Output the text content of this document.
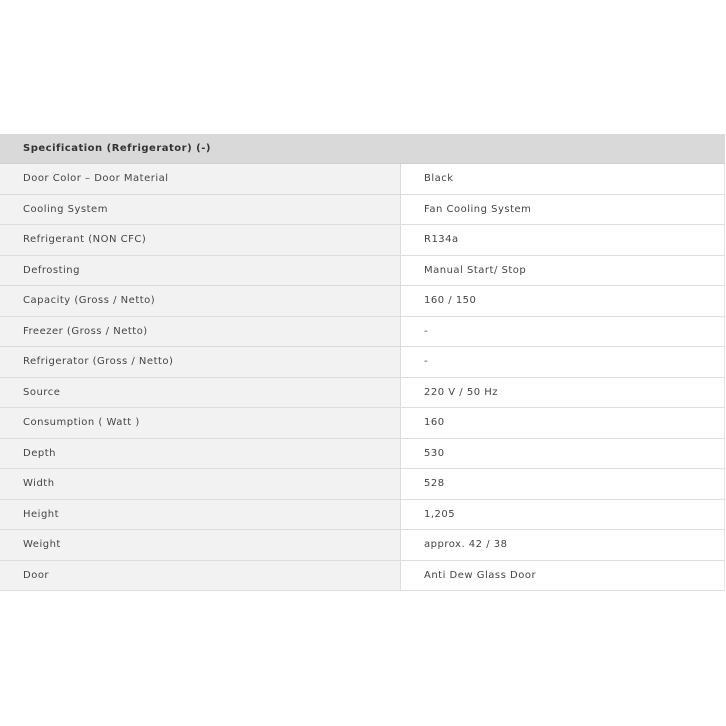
Specification (Refrigerator) (-)	
Door Color – Door Material	Black
Cooling System	Fan Cooling System
Refrigerant (NON CFC)	R134a
Defrosting	Manual Start/ Stop
Capacity (Gross / Netto)	160 / 150
Freezer (Gross / Netto)	-
Refrigerator (Gross / Netto)	-
Source	220 V / 50 Hz
Consumption ( Watt )	160
Depth	530
Width	528
Height	1,205
Weight	approx. 42 / 38
Door	Anti Dew Glass Door
